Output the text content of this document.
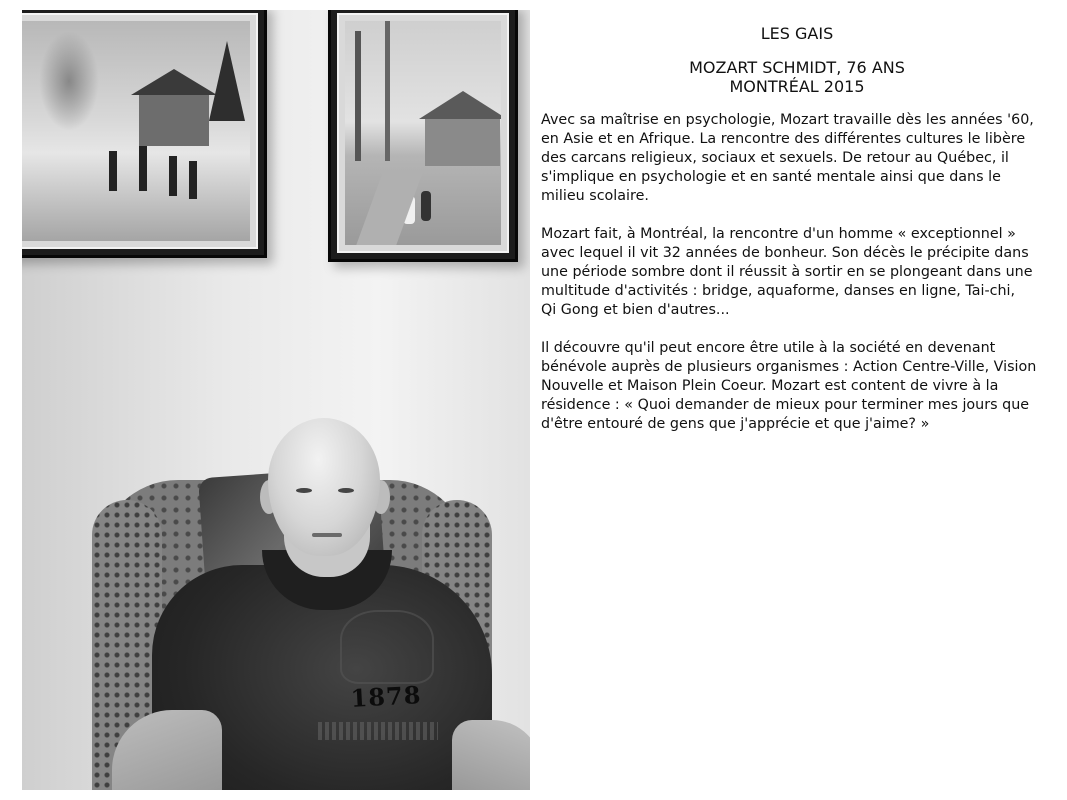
1878
LES GAIS
MOZART SCHMIDT, 76 ANS
MONTRÉAL 2015

Avec sa maîtrise en psychologie, Mozart travaille dès les années '60,
en Asie et en Afrique. La rencontre des différentes cultures le libère
des carcans religieux, sociaux et sexuels. De retour au Québec, il
s'implique en psychologie et en santé mentale ainsi que dans le
milieu scolaire.

Mozart fait, à Montréal, la rencontre d'un homme « exceptionnel »
avec lequel il vit 32 années de bonheur. Son décès le précipite dans
une période sombre dont il réussit à sortir en se plongeant dans une
multitude d'activités : bridge, aquaforme, danses en ligne, Tai-chi,
Qi Gong et bien d'autres...

Il découvre qu'il peut encore être utile à la société en devenant
bénévole auprès de plusieurs organismes : Action Centre-Ville, Vision
Nouvelle et Maison Plein Coeur. Mozart est content de vivre à la
résidence : « Quoi demander de mieux pour terminer mes jours que
d'être entouré de gens que j'apprécie et que j'aime? »
